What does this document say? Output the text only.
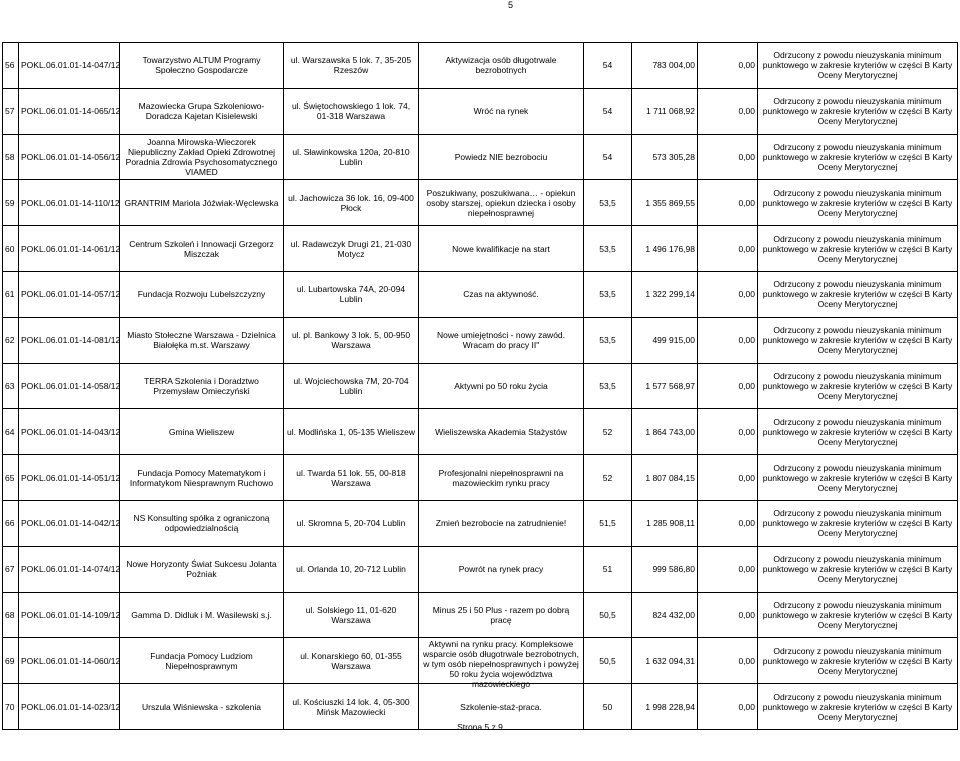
5
56	POKL.06.01.01-14-047/12	Towarzystwo ALTUM Programy Społeczno Gospodarcze	ul. Warszawska 5 lok. 7, 35-205 Rzeszów	Aktywizacja osób długotrwale bezrobotnych	54	783 004,00	0,00	Odrzucony z powodu nieuzyskania minimum punktowego w zakresie kryteriów w części B Karty Oceny Merytorycznej
57	POKL.06.01.01-14-065/12	Mazowiecka Grupa Szkoleniowo-Doradcza Kajetan Kisielewski	ul. Świętochowskiego 1 lok. 74, 01-318 Warszawa	Wróć na rynek	54	1 711 068,92	0,00	Odrzucony z powodu nieuzyskania minimum punktowego w zakresie kryteriów w części B Karty Oceny Merytorycznej
58	POKL.06.01.01-14-056/12	Joanna Mirowska-Wieczorek Niepubliczny Zakład Opieki Zdrowotnej Poradnia Zdrowia Psychosomatycznego VIAMED	ul. Sławinkowska 120a, 20-810 Lublin	Powiedz NIE bezrobociu	54	573 305,28	0,00	Odrzucony z powodu nieuzyskania minimum punktowego w zakresie kryteriów w części B Karty Oceny Merytorycznej
59	POKL.06.01.01-14-110/12	GRANTRIM Mariola Jóźwiak-Węclewska	ul. Jachowicza 36 lok. 16, 09-400 Płock	Poszukiwany, poszukiwana… - opiekun osoby starszej, opiekun dziecka i osoby niepełnosprawnej	53,5	1 355 869,55	0,00	Odrzucony z powodu nieuzyskania minimum punktowego w zakresie kryteriów w części B Karty Oceny Merytorycznej
60	POKL.06.01.01-14-061/12	Centrum Szkoleń i Innowacji Grzegorz Miszczak	ul. Radawczyk Drugi 21, 21-030 Motycz	Nowe kwalifikacje na start	53,5	1 496 176,98	0,00	Odrzucony z powodu nieuzyskania minimum punktowego w zakresie kryteriów w części B Karty Oceny Merytorycznej
61	POKL.06.01.01-14-057/12	Fundacja Rozwoju Lubelszczyzny	ul. Lubartowska 74A, 20-094 Lublin	Czas na aktywność.	53,5	1 322 299,14	0,00	Odrzucony z powodu nieuzyskania minimum punktowego w zakresie kryteriów w części B Karty Oceny Merytorycznej
62	POKL.06.01.01-14-081/12	Miasto Stołeczne Warszawa - Dzielnica Białołęka m.st. Warszawy	ul. pl. Bankowy 3 lok. 5, 00-950 Warszawa	Nowe umiejętności - nowy zawód. Wracam do pracy II"	53,5	499 915,00	0,00	Odrzucony z powodu nieuzyskania minimum punktowego w zakresie kryteriów w części B Karty Oceny Merytorycznej
63	POKL.06.01.01-14-058/12	TERRA Szkolenia i Doradztwo Przemysław Omieczyński	ul. Wojciechowska 7M, 20-704 Lublin	Aktywni po 50 roku życia	53,5	1 577 568,97	0,00	Odrzucony z powodu nieuzyskania minimum punktowego w zakresie kryteriów w części B Karty Oceny Merytorycznej
64	POKL.06.01.01-14-043/12	Gmina Wieliszew	ul. Modlińska 1, 05-135 Wieliszew	Wieliszewska Akademia Stażystów	52	1 864 743,00	0,00	Odrzucony z powodu nieuzyskania minimum punktowego w zakresie kryteriów w części B Karty Oceny Merytorycznej
65	POKL.06.01.01-14-051/12	Fundacja Pomocy Matematykom i Informatykom Niesprawnym Ruchowo	ul. Twarda 51 lok. 55, 00-818 Warszawa	Profesjonalni niepełnosprawni na mazowieckim rynku pracy	52	1 807 084,15	0,00	Odrzucony z powodu nieuzyskania minimum punktowego w zakresie kryteriów w części B Karty Oceny Merytorycznej
66	POKL.06.01.01-14-042/12	NS Konsulting spółka z ograniczoną odpowiedzialnością	ul. Skromna 5, 20-704 Lublin	Zmień bezrobocie na zatrudnienie!	51,5	1 285 908,11	0,00	Odrzucony z powodu nieuzyskania minimum punktowego w zakresie kryteriów w części B Karty Oceny Merytorycznej
67	POKL.06.01.01-14-074/12	Nowe Horyzonty Świat Sukcesu Jolanta Poźniak	ul. Orlanda 10, 20-712 Lublin	Powrót na rynek pracy	51	999 586,80	0,00	Odrzucony z powodu nieuzyskania minimum punktowego w zakresie kryteriów w części B Karty Oceny Merytorycznej
68	POKL.06.01.01-14-109/12	Gamma D. Didluk i M. Wasilewski s.j.	ul. Solskiego 11, 01-620 Warszawa	Minus 25 i 50 Plus - razem po dobrą pracę	50,5	824 432,00	0,00	Odrzucony z powodu nieuzyskania minimum punktowego w zakresie kryteriów w części B Karty Oceny Merytorycznej
69	POKL.06.01.01-14-060/12	Fundacja Pomocy Ludziom Niepełnosprawnym	ul. Konarskiego 60, 01-355 Warszawa	Aktywni na rynku pracy. Kompleksowe wsparcie osób długotrwale bezrobotnych, w tym osób niepełnosprawnych i powyżej 50 roku życia województwa mazowieckiego	50,5	1 632 094,31	0,00	Odrzucony z powodu nieuzyskania minimum punktowego w zakresie kryteriów w części B Karty Oceny Merytorycznej
70	POKL.06.01.01-14-023/12	Urszula Wiśniewska - szkolenia	ul. Kościuszki 14 lok. 4, 05-300 Mińsk Mazowiecki	Szkolenie-staż-praca.	50	1 998 228,94	0,00	Odrzucony z powodu nieuzyskania minimum punktowego w zakresie kryteriów w części B Karty Oceny Merytorycznej
Strona 5 z 9
